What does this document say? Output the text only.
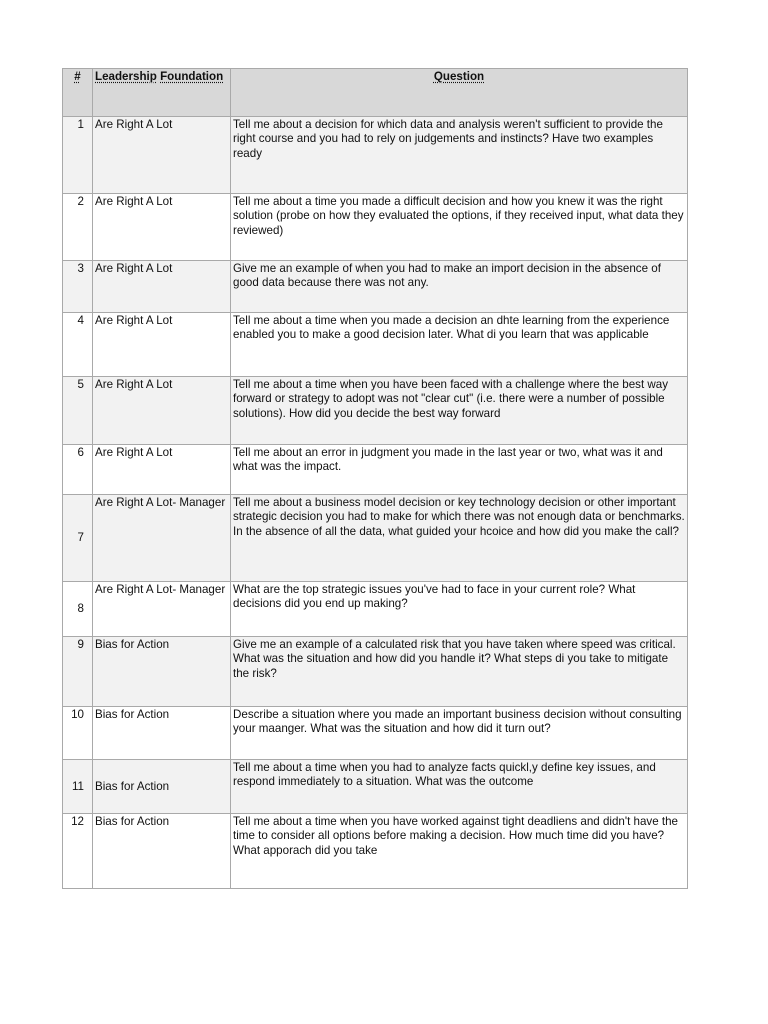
#	Leadership Foundation	Question
1	Are Right A Lot	Tell me about a decision for which data and analysis weren't sufficient to provide the right course and you had to rely on judgements and instincts? Have two examples ready
2	Are Right A Lot	Tell me about a time you made a difficult decision and how you knew it was the right solution (probe on how they evaluated the options, if they received input, what data they reviewed)
3	Are Right A Lot	Give me an example of when you had to make an import decision in the absence of good data because there was not any.
4	Are Right A Lot	Tell me about a time when you made a decision an dhte learning from the experience enabled you to make a good decision later. What di you learn that was applicable
5	Are Right A Lot	Tell me about a time when you have been faced with a challenge where the best way forward or strategy to adopt was not "clear cut" (i.e. there were a number of possible solutions). How did you decide the best way forward
6	Are Right A Lot	Tell me about an error in judgment you made in the last year or two, what was it and what was the impact.
7	Are Right A Lot- Manager	Tell me about a business model decision or key technology decision or other important strategic decision you had to make for which there was not enough data or benchmarks. In the absence of all the data, what guided your hcoice and how did you make the call?
8	Are Right A Lot- Manager	What are the top strategic issues you've had to face in your current role? What decisions did you end up making?
9	Bias for Action	Give me an example of a calculated risk that you have taken where speed was critical. What was the situation and how did you handle it? What steps di you take to mitigate the risk?
10	Bias for Action	Describe a situation where you made an important business decision without consulting your maanger. What was the situation and how did it turn out?
11	Bias for Action	Tell me about a time when you had to analyze facts quickl,y define key issues, and respond immediately to a situation. What was the outcome
12	Bias for Action	Tell me about a time when you have worked against tight deadliens and didn't have the time to consider all options before making a decision. How much time did you have? What apporach did you take
